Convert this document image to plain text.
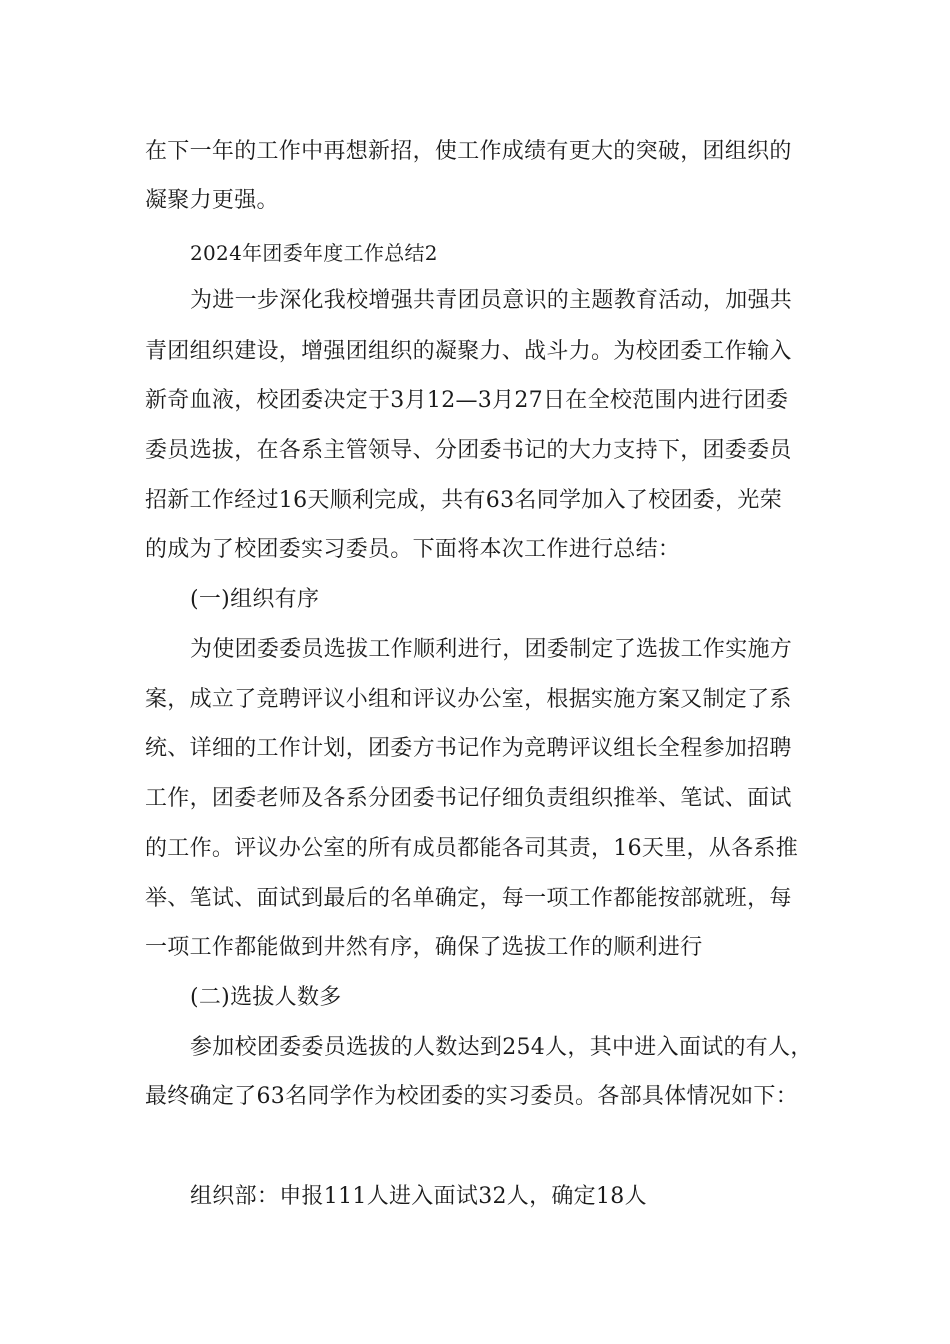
在下一年的工作中再想新招，使工作成绩有更大的突破，团组织的
凝聚力更强。
2024年团委年度工作总结2
为进一步深化我校增强共青团员意识的主题教育活动，加强共
青团组织建设，增强团组织的凝聚力、战斗力。为校团委工作输入
新奇血液，校团委决定于3月12—3月27日在全校范围内进行团委
委员选拔，在各系主管领导、分团委书记的大力支持下，团委委员
招新工作经过16天顺利完成，共有63名同学加入了校团委，光荣
的成为了校团委实习委员。下面将本次工作进行总结：
(一)组织有序
为使团委委员选拔工作顺利进行，团委制定了选拔工作实施方
案，成立了竞聘评议小组和评议办公室，根据实施方案又制定了系
统、详细的工作计划，团委方书记作为竞聘评议组长全程参加招聘
工作，团委老师及各系分团委书记仔细负责组织推举、笔试、面试
的工作。评议办公室的所有成员都能各司其责，16天里，从各系推
举、笔试、面试到最后的名单确定，每一项工作都能按部就班，每
一项工作都能做到井然有序，确保了选拔工作的顺利进行
(二)选拔人数多
参加校团委委员选拔的人数达到254人，其中进入面试的有人，
最终确定了63名同学作为校团委的实习委员。各部具体情况如下：
组织部：申报111人进入面试32人，确定18人
